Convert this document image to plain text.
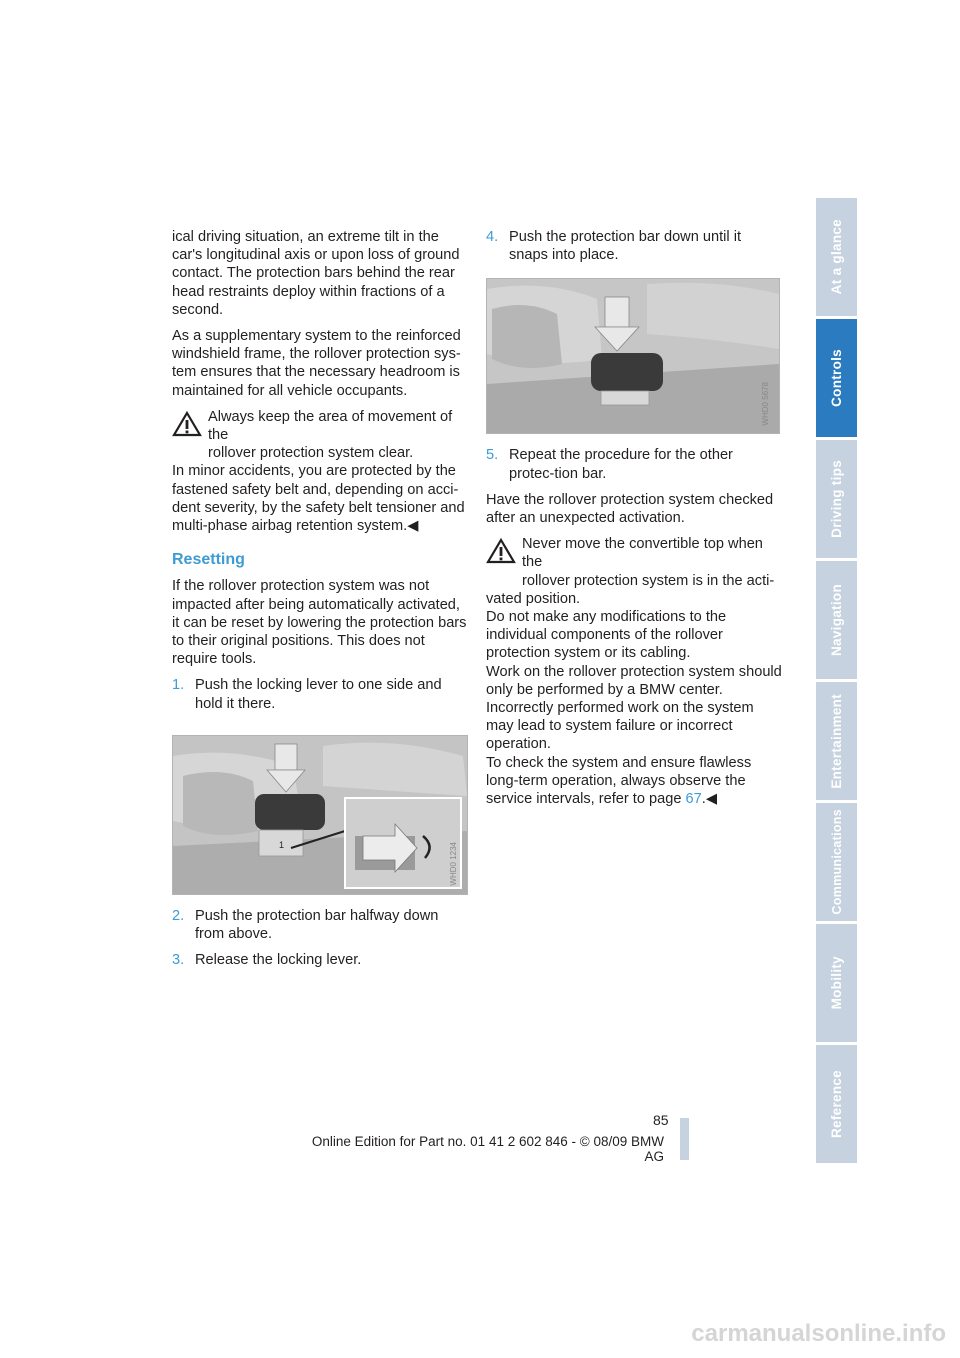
ical driving situation, an extreme tilt in the car's longitudinal axis or upon loss of ground contact. The protection bars behind the rear head restraints deploy within fractions of a second.

As a supplementary system to the reinforced windshield frame, the rollover protection sys-tem ensures that the necessary headroom is maintained for all vehicle occupants.

Always keep the area of movement of the
rollover protection system clear.

In minor accidents, you are protected by the fastened safety belt and, depending on acci-dent severity, by the safety belt tensioner and multi-phase airbag retention system.◀

Resetting

If the rollover protection system was not impacted after being automatically activated, it can be reset by lowering the protection bars to their original positions. This does not require tools.

1. Push the locking lever to one side and hold it there.
1	WHD0 1234
2. Push the protection bar halfway down from above.
3. Release the locking lever.
4. Push the protection bar down until it snaps into place.
WHD0 5678
5. Repeat the procedure for the other protec-tion bar.

Have the rollover protection system checked after an unexpected activation.

Never move the convertible top when the
rollover protection system is in the acti-

vated position.

Do not make any modifications to the individual components of the rollover protection system or its cabling.

Work on the rollover protection system should only be performed by a BMW center. Incorrectly performed work on the system may lead to system failure or incorrect operation.

To check the system and ensure flawless long-term operation, always observe the service intervals, refer to page 67.◀

At a glance
Controls
Driving tips
Navigation
Entertainment
Communications
Mobility
Reference
85
Online Edition for Part no. 01 41 2 602 846 - © 08/09 BMW AG
carmanualsonline.info
